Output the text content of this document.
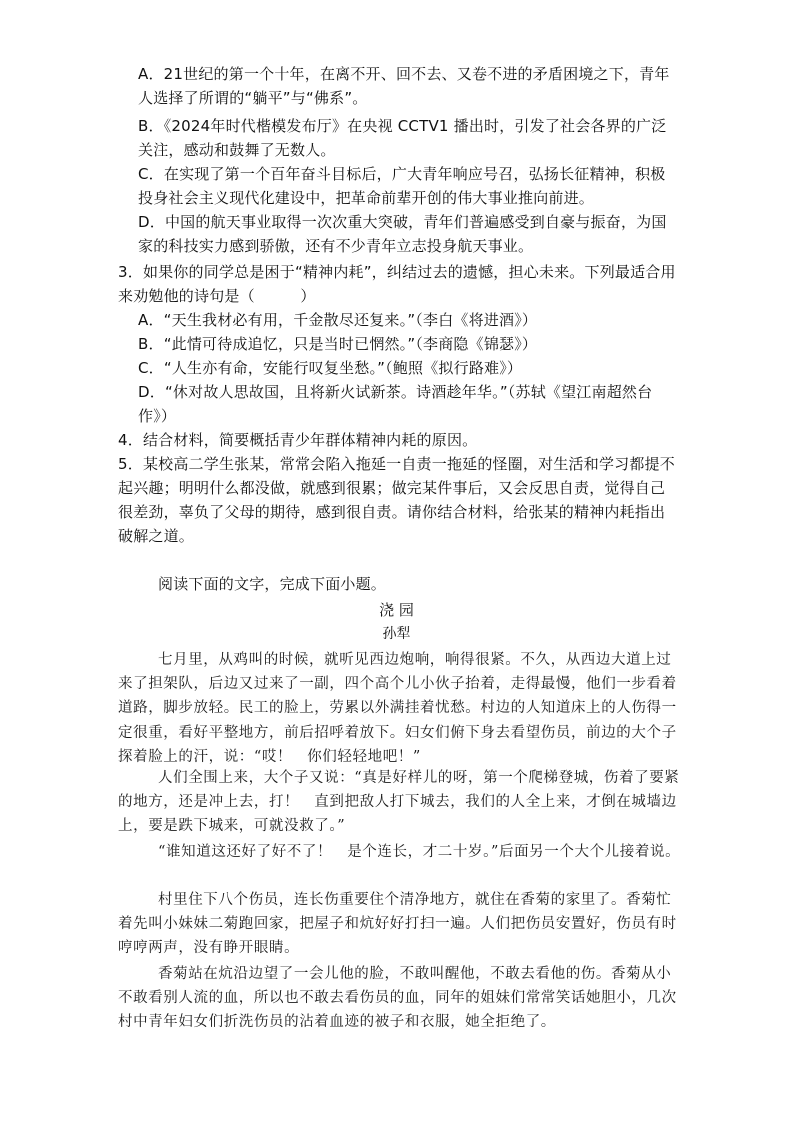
A．21世纪的第一个十年，在离不开、回不去、又卷不进的矛盾困境之下，青年人选择了所谓的“躺平”与“佛系”。
B．《2024年时代楷模发布厅》在央视 CCTV1 播出时，引发了社会各界的广泛关注，感动和鼓舞了无数人。
C．在实现了第一个百年奋斗目标后，广大青年响应号召，弘扬长征精神，积极投身社会主义现代化建设中，把革命前辈开创的伟大事业推向前进。
D．中国的航天事业取得一次次重大突破，青年们普遍感受到自豪与振奋，为国家的科技实力感到骄傲，还有不少青年立志投身航天事业。
3．如果你的同学总是困于“精神内耗”，纠结过去的遗憾，担心未来。下列最适合用来劝勉他的诗句是（　　　）
A．“天生我材必有用，千金散尽还复来。”（李白《将进酒》）
B．“此情可待成追忆，只是当时已惘然。”（李商隐《锦瑟》）
C．“人生亦有命，安能行叹复坐愁。”（鲍照《拟行路难》）
D．“休对故人思故国，且将新火试新茶。诗酒趁年华。”（苏轼《望江南超然台作》）
4．结合材料，简要概括青少年群体精神内耗的原因。
5．某校高二学生张某，常常会陷入拖延一自责一拖延的怪圈，对生活和学习都提不起兴趣；明明什么都没做，就感到很累；做完某件事后，又会反思自责，觉得自己很差劲，辜负了父母的期待，感到很自责。请你结合材料，给张某的精神内耗指出破解之道。
阅读下面的文字，完成下面小题。
浇 园
孙犁
七月里，从鸡叫的时候，就听见西边炮响，响得很紧。不久，从西边大道上过来了担架队，后边又过来了一副，四个高个儿小伙子抬着，走得最慢，他们一步看着道路，脚步放轻。民工的脸上，劳累以外满挂着忧愁。村边的人知道床上的人伤得一定很重，看好平整地方，前后招呼着放下。妇女们俯下身去看望伤员，前边的大个子探着脸上的汗，说：“哎！　你们轻轻地吧！”
人们全围上来，大个子又说：“真是好样儿的呀，第一个爬梯登城，伤着了要紧的地方，还是冲上去，打！　直到把敌人打下城去，我们的人全上来，才倒在城墙边上，要是跌下城来，可就没救了。”
“谁知道这还好了好不了！　是个连长，才二十岁。”后面另一个大个儿接着说。
村里住下八个伤员，连长伤重要住个清净地方，就住在香菊的家里了。香菊忙着先叫小妹妹二菊跑回家，把屋子和炕好好打扫一遍。人们把伤员安置好，伤员有时哼哼两声，没有睁开眼睛。
香菊站在炕沿边望了一会儿他的脸，不敢叫醒他，不敢去看他的伤。香菊从小不敢看别人流的血，所以也不敢去看伤员的血，同年的姐妹们常常笑话她胆小，几次村中青年妇女们折洗伤员的沾着血迹的被子和衣服，她全拒绝了。
